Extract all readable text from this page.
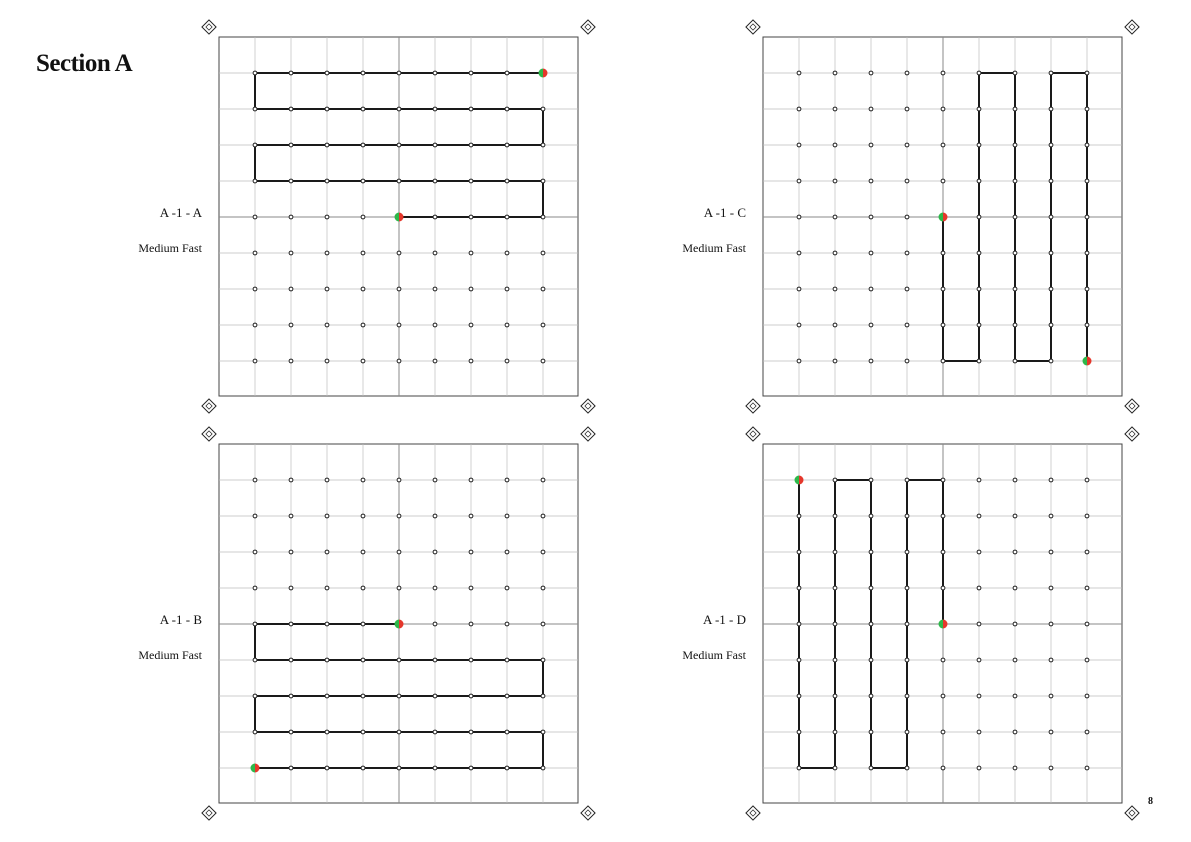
Section A
A -1 - A
Medium Fast
A -1 - C
Medium Fast
A -1 - B
Medium Fast
A -1 - D
Medium Fast
8
